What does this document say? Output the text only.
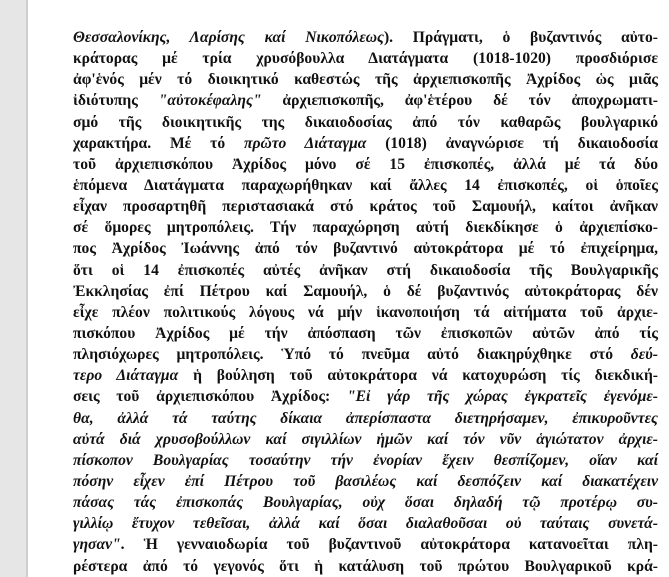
Θεσσαλονίκης, Λαρίσης καί Νικοπόλεως). Πράγματι, ὁ βυζαντινός αὐτο-
κράτορας μέ τρία χρυσόβουλλα Διατάγματα (1018-1020) προσδιόρισε
ἀφ'ἑνός μέν τό διοικητικό καθεστώς τῆς ἀρχιεπισκοπῆς Ἀχρίδος ὡς μιᾶς
ἰδιότυπης "αὐτοκέφαλης" ἀρχιεπισκοπῆς, ἀφ'ἑτέρου δέ τόν ἀποχρωματι-
σμό τῆς διοικητικῆς της δικαιοδοσίας ἀπό τόν καθαρῶς βουλγαρικό
χαρακτήρα. Μέ τό πρῶτο Διάταγμα (1018) ἀναγνώρισε τή δικαιοδοσία
τοῦ ἀρχιεπισκόπου Ἀχρίδος μόνο σέ 15 ἐπισκοπές, ἀλλά μέ τά δύο
ἑπόμενα Διατάγματα παραχωρήθηκαν καί ἄλλες 14 ἐπισκοπές, οἱ ὁποῖες
εἶχαν προσαρτηθῆ περιστασιακά στό κράτος τοῦ Σαμουήλ, καίτοι ἀνῆκαν
σέ ὅμορες μητροπόλεις. Τήν παραχώρηση αὐτή διεκδίκησε ὁ ἀρχιεπίσκο-
πος Ἀχρίδος Ἰωάννης ἀπό τόν βυζαντινό αὐτοκράτορα μέ τό ἐπιχείρημα,
ὅτι οἱ 14 ἐπισκοπές αὐτές ἀνῆκαν στή δικαιοδοσία τῆς Βουλγαρικῆς
Ἐκκλησίας ἐπί Πέτρου καί Σαμουήλ, ὁ δέ βυζαντινός αὐτοκράτορας δέν
εἶχε πλέον πολιτικούς λόγους νά μήν ἱκανοποιήση τά αἰτήματα τοῦ ἀρχιε-
πισκόπου Ἀχρίδος μέ τήν ἀπόσπαση τῶν ἐπισκοπῶν αὐτῶν ἀπό τίς
πλησιόχωρες μητροπόλεις. Ὑπό τό πνεῦμα αὐτό διακηρύχθηκε στό δεύ-
τερο Διάταγμα ἡ βούληση τοῦ αὐτοκράτορα νά κατοχυρώση τίς διεκδική-
σεις τοῦ ἀρχιεπισκόπου Ἀχρίδος: "Εἰ γάρ τῆς χώρας ἐγκρατεῖς ἐγενόμε-
θα, ἀλλά τά ταύτης δίκαια ἀπερίσπαστα διετηρήσαμεν, ἐπικυροῦντες
αὐτά διά χρυσοβούλλων καί σιγιλλίων ἡμῶν καί τόν νῦν ἁγιώτατον ἀρχιε-
πίσκοπον Βουλγαρίας τοσαύτην τήν ἐνορίαν ἔχειν θεσπίζομεν, οἵαν καί
πόσην εἶχεν ἐπί Πέτρου τοῦ βασιλέως καί δεσπόζειν καί διακατέχειν
πάσας τάς ἐπισκοπάς Βουλγαρίας, οὐχ ὅσαι δηλαδή τῷ προτέρῳ συ-
γιλλίῳ ἔτυχον τεθεῖσαι, ἀλλά καί ὅσαι διαλαθοῦσαι οὐ ταύταις συνετά-
γησαν". Ἡ γενναιοδωρία τοῦ βυζαντινοῦ αὐτοκράτορα κατανοεῖται πλη-
ρέστερα ἀπό τό γεγονός ὅτι ἡ κατάλυση τοῦ πρώτου Βουλγαρικοῦ κρά-
